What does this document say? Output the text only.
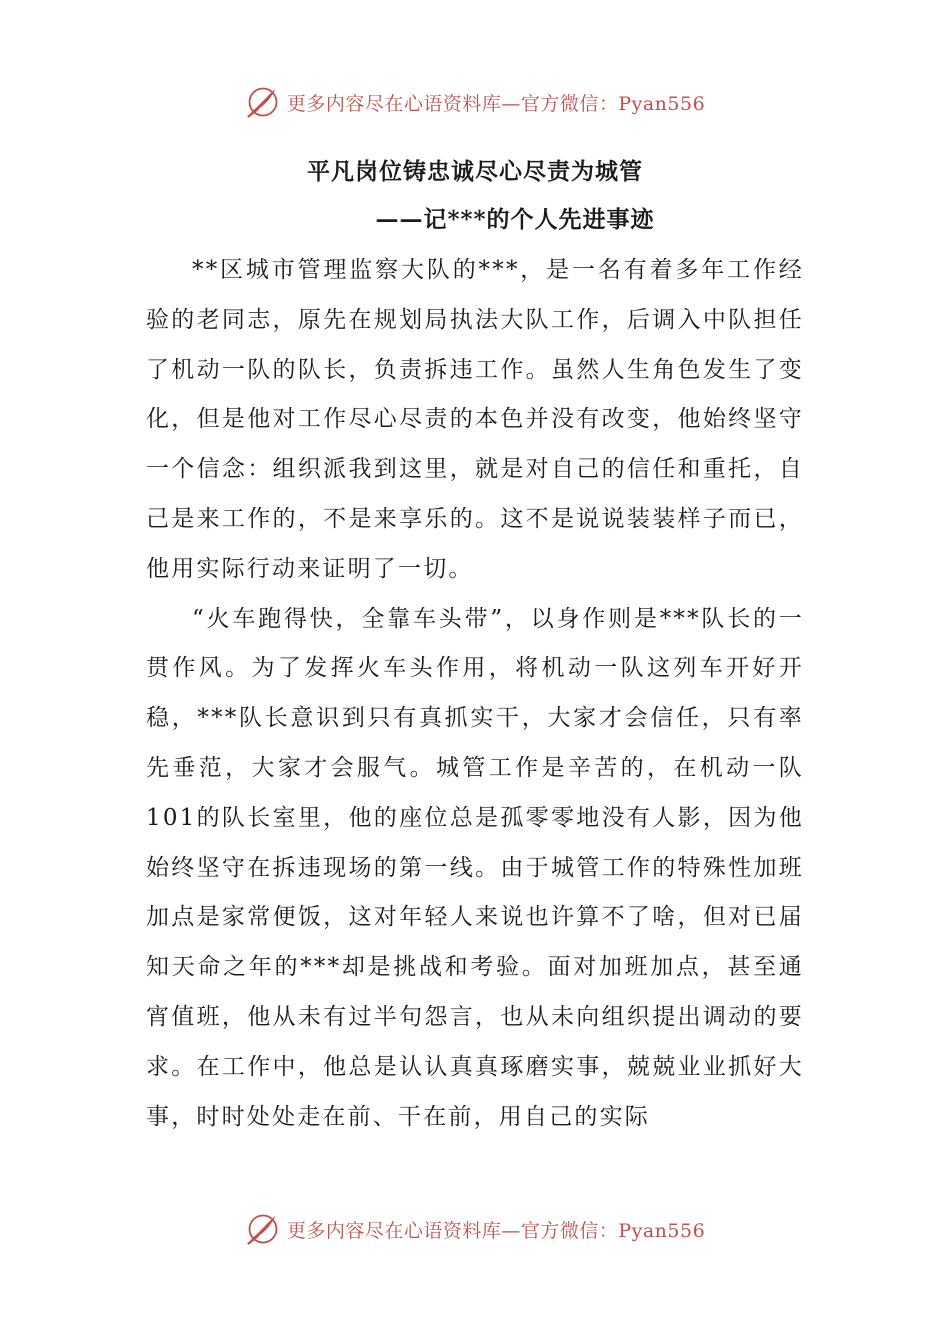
更多内容尽在心语资料库—官方微信：Pyan556
平凡岗位铸忠诚尽心尽责为城管
——记***的个人先进事迹

**区城市管理监察大队的***，是一名有着多年工作经验的老同志，原先在规划局执法大队工作，后调入中队担任了机动一队的队长，负责拆违工作。虽然人生角色发生了变化，但是他对工作尽心尽责的本色并没有改变，他始终坚守一个信念：组织派我到这里，就是对自己的信任和重托，自己是来工作的，不是来享乐的。这不是说说装装样子而已，他用实际行动来证明了一切。

“火车跑得快，全靠车头带”，以身作则是***队长的一贯作风。为了发挥火车头作用，将机动一队这列车开好开稳，***队长意识到只有真抓实干，大家才会信任，只有率先垂范，大家才会服气。城管工作是辛苦的，在机动一队101的队长室里，他的座位总是孤零零地没有人影，因为他始终坚守在拆违现场的第一线。由于城管工作的特殊性加班加点是家常便饭，这对年轻人来说也许算不了啥，但对已届知天命之年的***却是挑战和考验。面对加班加点，甚至通宵值班，他从未有过半句怨言，也从未向组织提出调动的要求。在工作中，他总是认认真真琢磨实事，兢兢业业抓好大事，时时处处走在前、干在前，用自己的实际

更多内容尽在心语资料库—官方微信：Pyan556
